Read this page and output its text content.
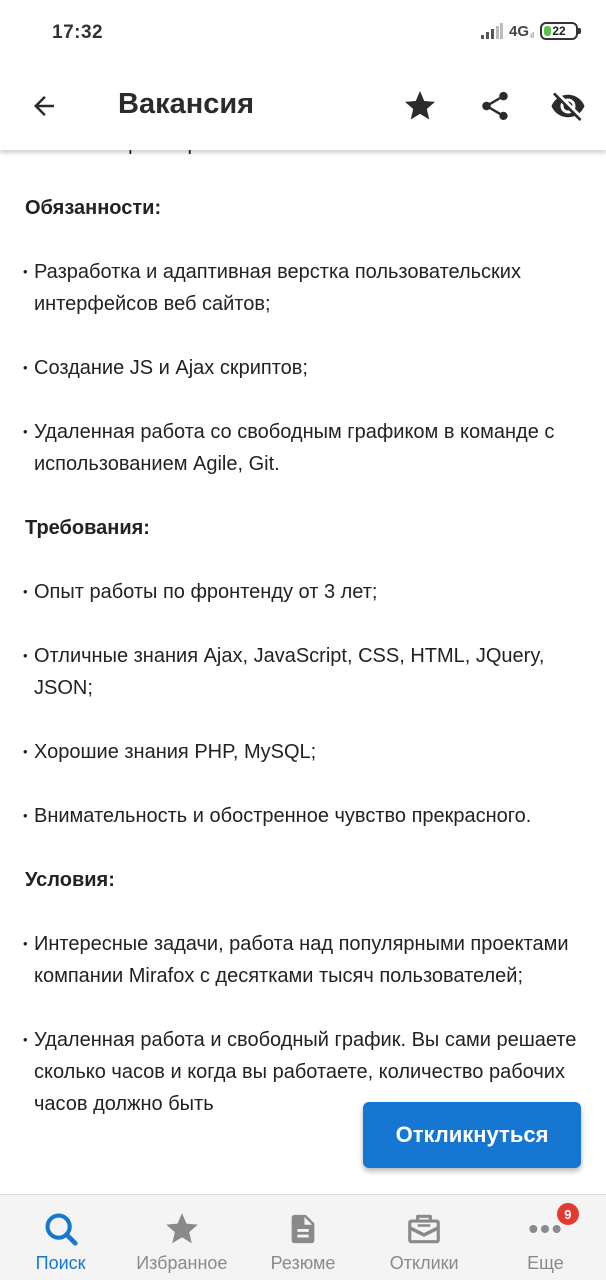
17:32	4G ıl 22
Вакансия
Обязанности:
• Разработка и адаптивная верстка пользовательских интерфейсов веб сайтов;
• Создание JS и Ajax скриптов;
• Удаленная работа со свободным графиком в команде с использованием Agile, Git.
Требования:
• Опыт работы по фронтенду от 3 лет;
• Отличные знания Ajax, JavaScript, CSS, HTML, JQuery, JSON;
• Хорошие знания PHP, MySQL;
• Внимательность и обостренное чувство прекрасного.
Условия:
• Интересные задачи, работа над популярными проектами компании Mirafox с десятками тысяч пользователей;
• Удаленная работа и свободный график. Вы сами решаете сколько часов и когда вы работаете, количество рабочих часов должно быть
Откликнуться
Поиск	Избранное Резюме	Отклики
9
Еще
